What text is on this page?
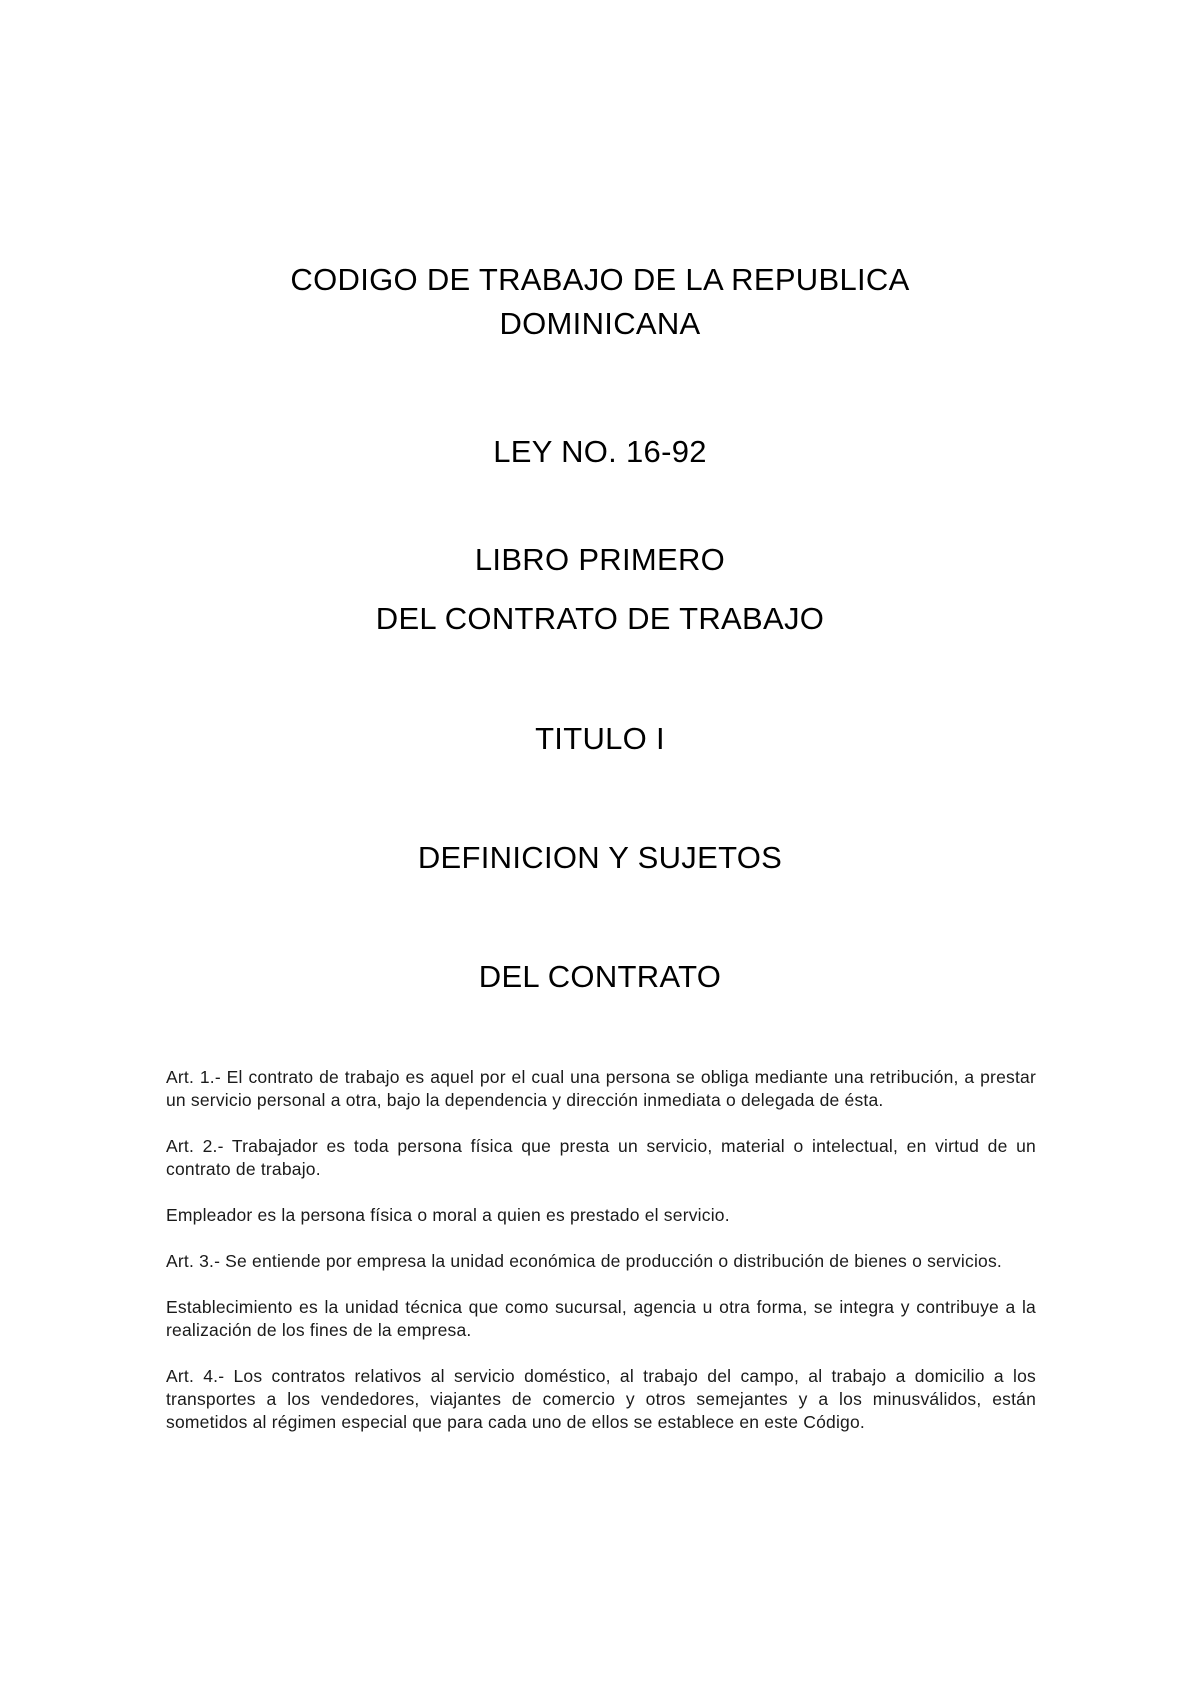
CODIGO DE TRABAJO DE LA REPUBLICA
DOMINICANA
LEY NO. 16-92
LIBRO PRIMERO
DEL CONTRATO DE TRABAJO
TITULO I
DEFINICION Y SUJETOS
DEL CONTRATO

Art. 1.- El contrato de trabajo es aquel por el cual una persona se obliga mediante una retribución, a prestar un servicio personal a otra, bajo la dependencia y dirección inmediata o delegada de ésta.

Art. 2.- Trabajador es toda persona física que presta un servicio, material o intelectual, en virtud de un contrato de trabajo.

Empleador es la persona física o moral a quien es prestado el servicio.

Art. 3.- Se entiende por empresa la unidad económica de producción o distribución de bienes o servicios.

Establecimiento es la unidad técnica que como sucursal, agencia u otra forma, se integra y contribuye a la realización de los fines de la empresa.

Art. 4.- Los contratos relativos al servicio doméstico, al trabajo del campo, al trabajo a domicilio a los transportes a los vendedores, viajantes de comercio y otros semejantes y a los minusválidos, están sometidos al régimen especial que para cada uno de ellos se establece en este Código.
